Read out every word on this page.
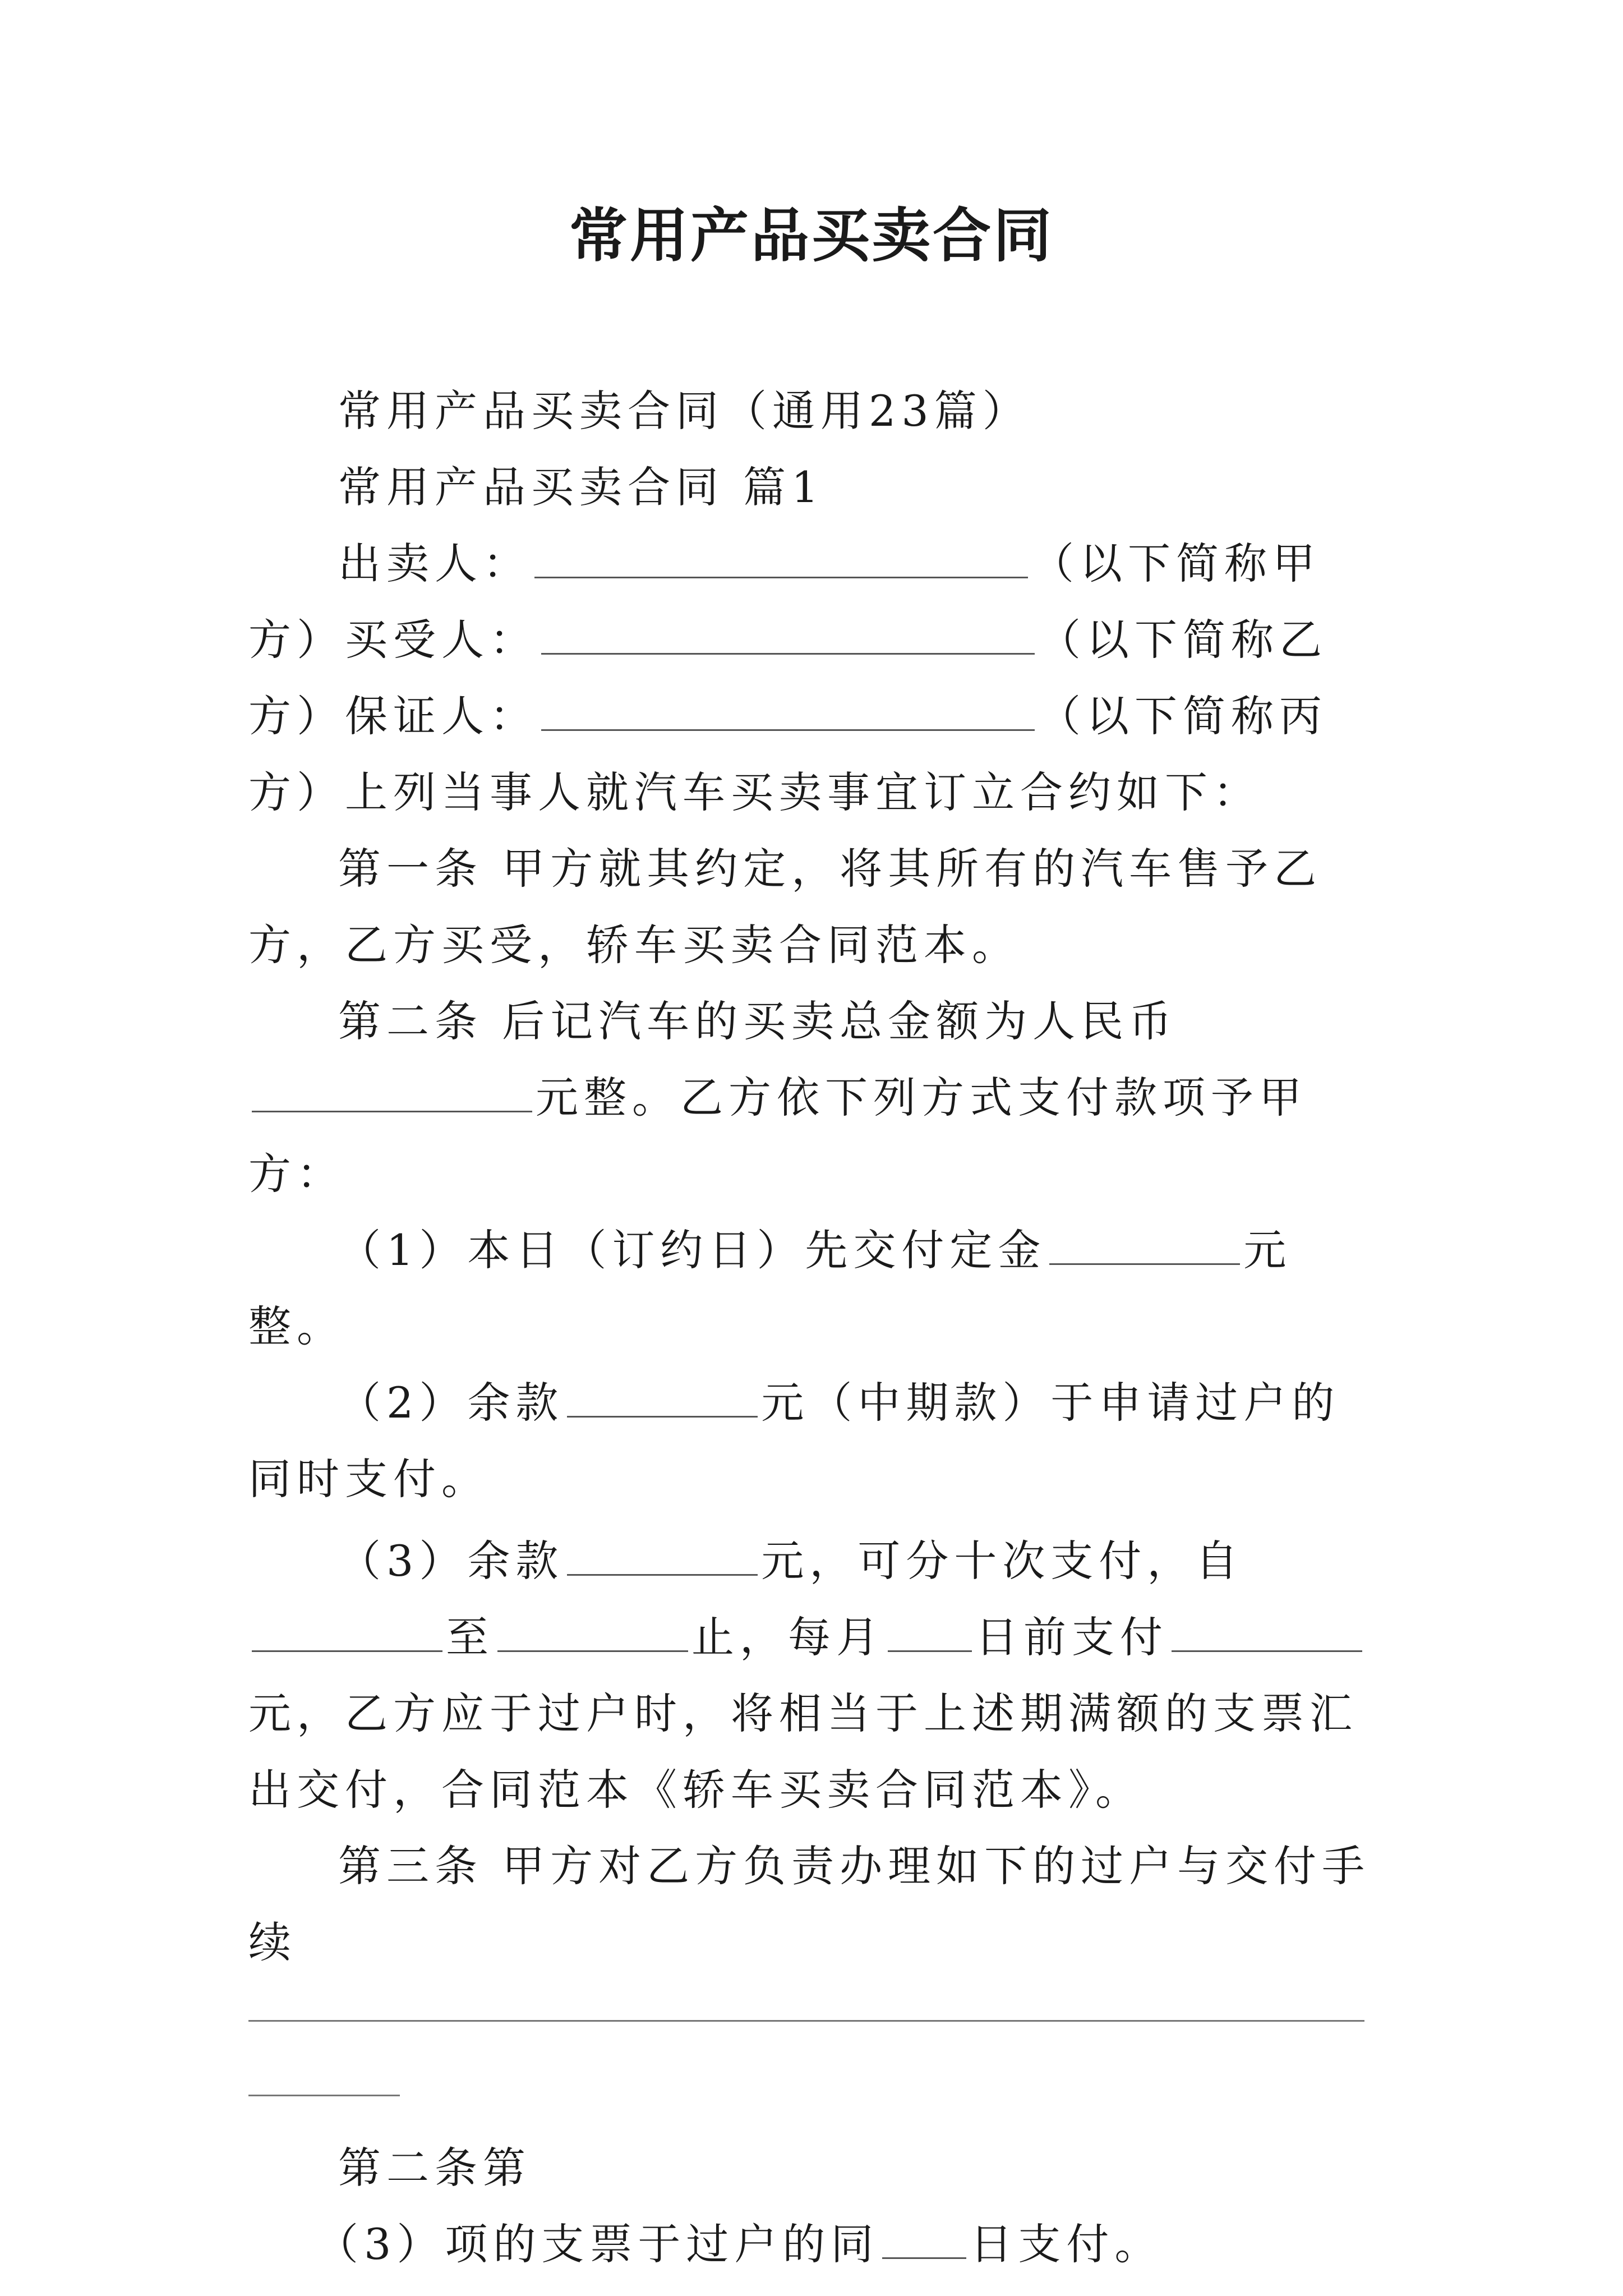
常用产品买卖合同

常用产品买卖合同（通用23篇）

常用产品买卖合同 篇1

出卖人：	（以下简称甲方）买受人：	（以下简称乙方）保证人：	（以下简称丙方）上列当事人就汽车买卖事宜订立合约如下：

第一条 甲方就其约定，将其所有的汽车售予乙方，乙方买受，轿车买卖合同范本。

第二条 后记汽车的买卖总金额为人民币元整。乙方依下列方式支付款项予甲方：

（1）本日（订约日）先交付定金	元整。

（2）余款	元（中期款）于申请过户的同时支付。

（3）余款	元，可分十次支付，自至	止，每月 日前支付元，乙方应于过户时，将相当于上述期满额的支票汇出交付，合同范本《轿车买卖合同范本》。

第三条 甲方对乙方负责办理如下的过户与交付手续

第二条第

（3）项的支票于过户的同 日支付。
